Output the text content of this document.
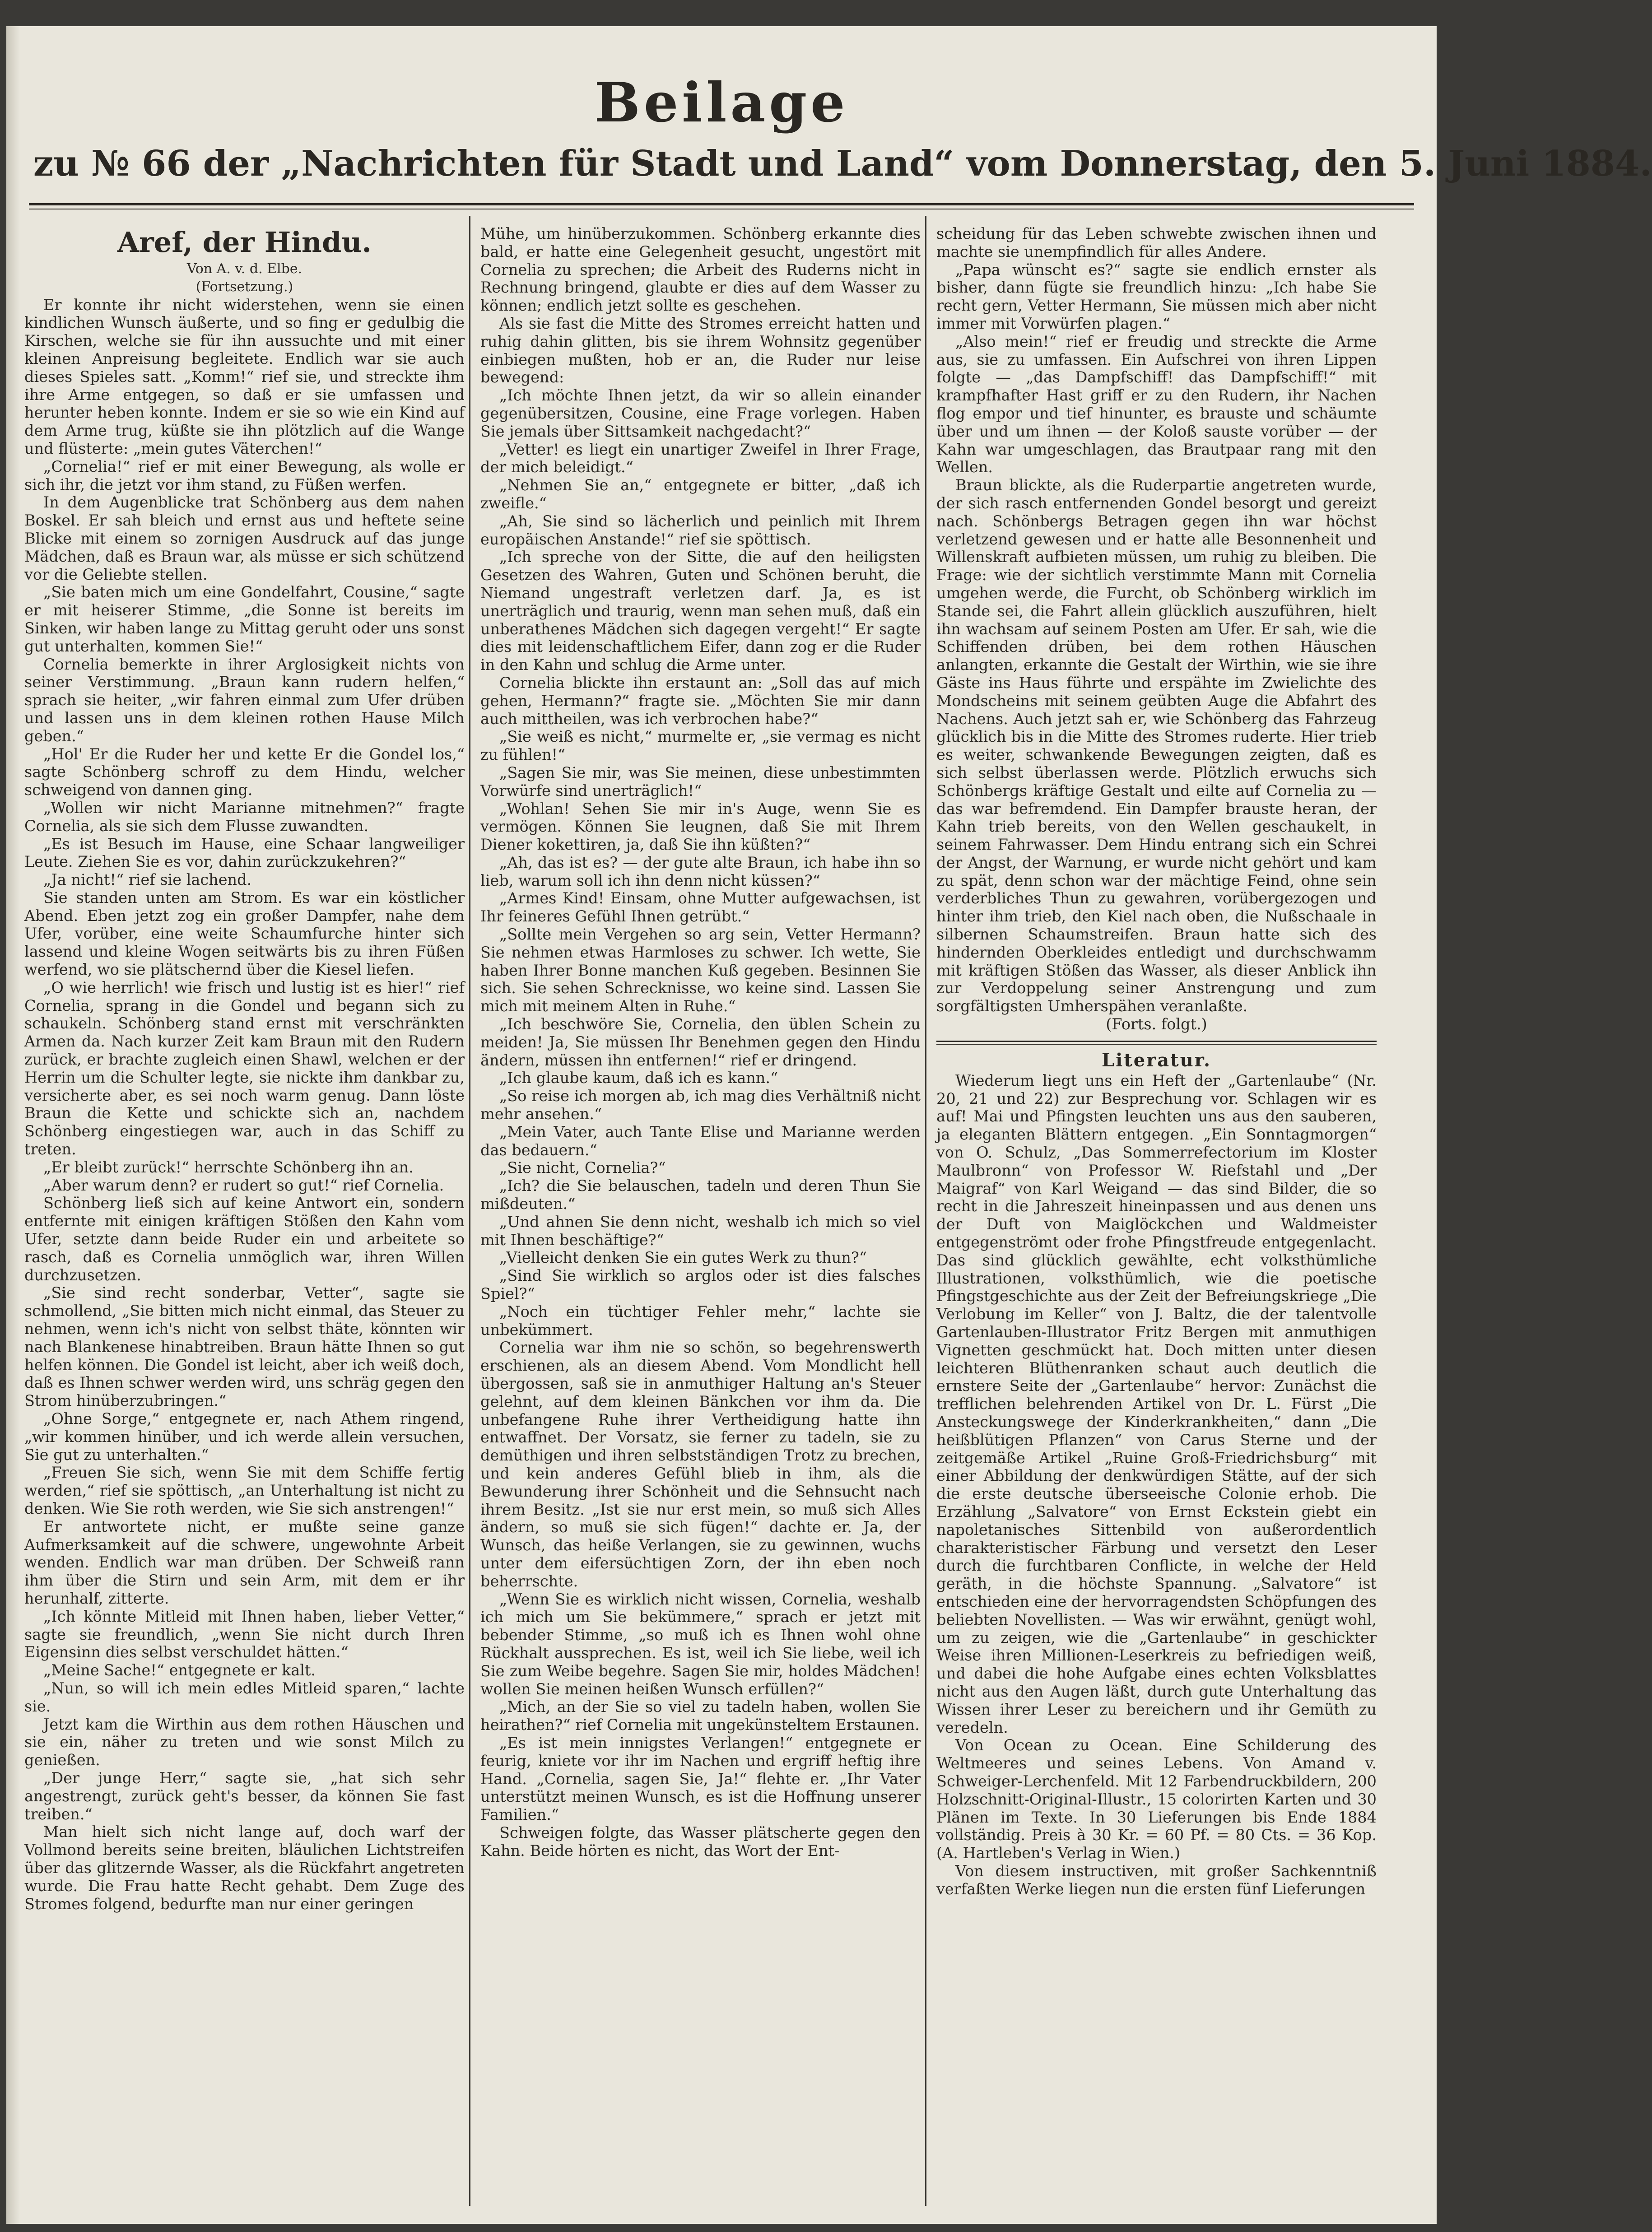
Beilage
zu № 66 der „Nachrichten für Stadt und Land“ vom Donnerstag, den 5. Juni 1884.

Aref, der Hindu.

Von A. v. d. Elbe.

(Fortsetzung.)

Er konnte ihr nicht widerstehen, wenn sie einen kindlichen Wunsch äußerte, und so fing er gedulbig die Kirschen, welche sie für ihn aussuchte und mit einer kleinen Anpreisung begleitete. Endlich war sie auch dieses Spieles satt. „Komm!“ rief sie, und streckte ihm ihre Arme entgegen, so daß er sie umfassen und herunter heben konnte. Indem er sie so wie ein Kind auf dem Arme trug, küßte sie ihn plötzlich auf die Wange und flüsterte: „mein gutes Väterchen!“

„Cornelia!“ rief er mit einer Bewegung, als wolle er sich ihr, die jetzt vor ihm stand, zu Füßen werfen.

In dem Augenblicke trat Schönberg aus dem nahen Boskel. Er sah bleich und ernst aus und heftete seine Blicke mit einem so zornigen Ausdruck auf das junge Mädchen, daß es Braun war, als müsse er sich schützend vor die Geliebte stellen.

„Sie baten mich um eine Gondelfahrt, Cousine,“ sagte er mit heiserer Stimme, „die Sonne ist bereits im Sinken, wir haben lange zu Mittag geruht oder uns sonst gut unterhalten, kommen Sie!“

Cornelia bemerkte in ihrer Arglosigkeit nichts von seiner Verstimmung. „Braun kann rudern helfen,“ sprach sie heiter, „wir fahren einmal zum Ufer drüben und lassen uns in dem kleinen rothen Hause Milch geben.“

„Hol' Er die Ruder her und kette Er die Gondel los,“ sagte Schönberg schroff zu dem Hindu, welcher schweigend von dannen ging.

„Wollen wir nicht Marianne mitnehmen?“ fragte Cornelia, als sie sich dem Flusse zuwandten.

„Es ist Besuch im Hause, eine Schaar langweiliger Leute. Ziehen Sie es vor, dahin zurückzukehren?“

„Ja nicht!“ rief sie lachend.

Sie standen unten am Strom. Es war ein köstlicher Abend. Eben jetzt zog ein großer Dampfer, nahe dem Ufer, vorüber, eine weite Schaumfurche hinter sich lassend und kleine Wogen seitwärts bis zu ihren Füßen werfend, wo sie plätschernd über die Kiesel liefen.

„O wie herrlich! wie frisch und lustig ist es hier!“ rief Cornelia, sprang in die Gondel und begann sich zu schaukeln. Schönberg stand ernst mit verschränkten Armen da. Nach kurzer Zeit kam Braun mit den Rudern zurück, er brachte zugleich einen Shawl, welchen er der Herrin um die Schulter legte, sie nickte ihm dankbar zu, versicherte aber, es sei noch warm genug. Dann löste Braun die Kette und schickte sich an, nachdem Schönberg eingestiegen war, auch in das Schiff zu treten.

„Er bleibt zurück!“ herrschte Schönberg ihn an.

„Aber warum denn? er rudert so gut!“ rief Cornelia.

Schönberg ließ sich auf keine Antwort ein, sondern entfernte mit einigen kräftigen Stößen den Kahn vom Ufer, setzte dann beide Ruder ein und arbeitete so rasch, daß es Cornelia unmöglich war, ihren Willen durchzusetzen.

„Sie sind recht sonderbar, Vetter“, sagte sie schmollend, „Sie bitten mich nicht einmal, das Steuer zu nehmen, wenn ich's nicht von selbst thäte, könnten wir nach Blankenese hinabtreiben. Braun hätte Ihnen so gut helfen können. Die Gondel ist leicht, aber ich weiß doch, daß es Ihnen schwer werden wird, uns schräg gegen den Strom hinüberzubringen.“

„Ohne Sorge,“ entgegnete er, nach Athem ringend, „wir kommen hinüber, und ich werde allein versuchen, Sie gut zu unterhalten.“

„Freuen Sie sich, wenn Sie mit dem Schiffe fertig werden,“ rief sie spöttisch, „an Unterhaltung ist nicht zu denken. Wie Sie roth werden, wie Sie sich anstrengen!“

Er antwortete nicht, er mußte seine ganze Aufmerksamkeit auf die schwere, ungewohnte Arbeit wenden. Endlich war man drüben. Der Schweiß rann ihm über die Stirn und sein Arm, mit dem er ihr herunhalf, zitterte.

„Ich könnte Mitleid mit Ihnen haben, lieber Vetter,“ sagte sie freundlich, „wenn Sie nicht durch Ihren Eigensinn dies selbst verschuldet hätten.“

„Meine Sache!“ entgegnete er kalt.

„Nun, so will ich mein edles Mitleid sparen,“ lachte sie.

Jetzt kam die Wirthin aus dem rothen Häuschen und sie ein, näher zu treten und wie sonst Milch zu genießen.

„Der junge Herr,“ sagte sie, „hat sich sehr angestrengt, zurück geht's besser, da können Sie fast treiben.“

Man hielt sich nicht lange auf, doch warf der Vollmond bereits seine breiten, bläulichen Lichtstreifen über das glitzernde Wasser, als die Rückfahrt angetreten wurde. Die Frau hatte Recht gehabt. Dem Zuge des Stromes folgend, bedurfte man nur einer geringen

Mühe, um hinüberzukommen. Schönberg erkannte dies bald, er hatte eine Gelegenheit gesucht, ungestört mit Cornelia zu sprechen; die Arbeit des Ruderns nicht in Rechnung bringend, glaubte er dies auf dem Wasser zu können; endlich jetzt sollte es geschehen.

Als sie fast die Mitte des Stromes erreicht hatten und ruhig dahin glitten, bis sie ihrem Wohnsitz gegenüber einbiegen mußten, hob er an, die Ruder nur leise bewegend:

„Ich möchte Ihnen jetzt, da wir so allein einander gegenübersitzen, Cousine, eine Frage vorlegen. Haben Sie jemals über Sittsamkeit nachgedacht?“

„Vetter! es liegt ein unartiger Zweifel in Ihrer Frage, der mich beleidigt.“

„Nehmen Sie an,“ entgegnete er bitter, „daß ich zweifle.“

„Ah, Sie sind so lächerlich und peinlich mit Ihrem europäischen Anstande!“ rief sie spöttisch.

„Ich spreche von der Sitte, die auf den heiligsten Gesetzen des Wahren, Guten und Schönen beruht, die Niemand ungestraft verletzen darf. Ja, es ist unerträglich und traurig, wenn man sehen muß, daß ein unberathenes Mädchen sich dagegen vergeht!“ Er sagte dies mit leidenschaftlichem Eifer, dann zog er die Ruder in den Kahn und schlug die Arme unter.

Cornelia blickte ihn erstaunt an: „Soll das auf mich gehen, Hermann?“ fragte sie. „Möchten Sie mir dann auch mittheilen, was ich verbrochen habe?“

„Sie weiß es nicht,“ murmelte er, „sie vermag es nicht zu fühlen!“

„Sagen Sie mir, was Sie meinen, diese unbestimmten Vorwürfe sind unerträglich!“

„Wohlan! Sehen Sie mir in's Auge, wenn Sie es vermögen. Können Sie leugnen, daß Sie mit Ihrem Diener kokettiren, ja, daß Sie ihn küßten?“

„Ah, das ist es? — der gute alte Braun, ich habe ihn so lieb, warum soll ich ihn denn nicht küssen?“

„Armes Kind! Einsam, ohne Mutter aufgewachsen, ist Ihr feineres Gefühl Ihnen getrübt.“

„Sollte mein Vergehen so arg sein, Vetter Hermann? Sie nehmen etwas Harmloses zu schwer. Ich wette, Sie haben Ihrer Bonne manchen Kuß gegeben. Besinnen Sie sich. Sie sehen Schrecknisse, wo keine sind. Lassen Sie mich mit meinem Alten in Ruhe.“

„Ich beschwöre Sie, Cornelia, den üblen Schein zu meiden! Ja, Sie müssen Ihr Benehmen gegen den Hindu ändern, müssen ihn entfernen!“ rief er dringend.

„Ich glaube kaum, daß ich es kann.“

„So reise ich morgen ab, ich mag dies Verhältniß nicht mehr ansehen.“

„Mein Vater, auch Tante Elise und Marianne werden das bedauern.“

„Sie nicht, Cornelia?“

„Ich? die Sie belauschen, tadeln und deren Thun Sie mißdeuten.“

„Und ahnen Sie denn nicht, weshalb ich mich so viel mit Ihnen beschäftige?“

„Vielleicht denken Sie ein gutes Werk zu thun?“

„Sind Sie wirklich so arglos oder ist dies falsches Spiel?“

„Noch ein tüchtiger Fehler mehr,“ lachte sie unbekümmert.

Cornelia war ihm nie so schön, so begehrenswerth erschienen, als an diesem Abend. Vom Mondlicht hell übergossen, saß sie in anmuthiger Haltung an's Steuer gelehnt, auf dem kleinen Bänkchen vor ihm da. Die unbefangene Ruhe ihrer Vertheidigung hatte ihn entwaffnet. Der Vorsatz, sie ferner zu tadeln, sie zu demüthigen und ihren selbstständigen Trotz zu brechen, und kein anderes Gefühl blieb in ihm, als die Bewunderung ihrer Schönheit und die Sehnsucht nach ihrem Besitz. „Ist sie nur erst mein, so muß sich Alles ändern, so muß sie sich fügen!“ dachte er. Ja, der Wunsch, das heiße Verlangen, sie zu gewinnen, wuchs unter dem eifersüchtigen Zorn, der ihn eben noch beherrschte.

„Wenn Sie es wirklich nicht wissen, Cornelia, weshalb ich mich um Sie bekümmere,“ sprach er jetzt mit bebender Stimme, „so muß ich es Ihnen wohl ohne Rückhalt aussprechen. Es ist, weil ich Sie liebe, weil ich Sie zum Weibe begehre. Sagen Sie mir, holdes Mädchen! wollen Sie meinen heißen Wunsch erfüllen?“

„Mich, an der Sie so viel zu tadeln haben, wollen Sie heirathen?“ rief Cornelia mit ungekünsteltem Erstaunen.

„Es ist mein innigstes Verlangen!“ entgegnete er feurig, kniete vor ihr im Nachen und ergriff heftig ihre Hand. „Cornelia, sagen Sie, Ja!“ flehte er. „Ihr Vater unterstützt meinen Wunsch, es ist die Hoffnung unserer Familien.“

Schweigen folgte, das Wasser plätscherte gegen den Kahn. Beide hörten es nicht, das Wort der Ent-

scheidung für das Leben schwebte zwischen ihnen und machte sie unempfindlich für alles Andere.

„Papa wünscht es?“ sagte sie endlich ernster als bisher, dann fügte sie freundlich hinzu: „Ich habe Sie recht gern, Vetter Hermann, Sie müssen mich aber nicht immer mit Vorwürfen plagen.“

„Also mein!“ rief er freudig und streckte die Arme aus, sie zu umfassen. Ein Aufschrei von ihren Lippen folgte — „das Dampfschiff! das Dampfschiff!“ mit krampfhafter Hast griff er zu den Rudern, ihr Nachen flog empor und tief hinunter, es brauste und schäumte über und um ihnen — der Koloß sauste vorüber — der Kahn war umgeschlagen, das Brautpaar rang mit den Wellen.

Braun blickte, als die Ruderpartie angetreten wurde, der sich rasch entfernenden Gondel besorgt und gereizt nach. Schönbergs Betragen gegen ihn war höchst verletzend gewesen und er hatte alle Besonnenheit und Willenskraft aufbieten müssen, um ruhig zu bleiben. Die Frage: wie der sichtlich verstimmte Mann mit Cornelia umgehen werde, die Furcht, ob Schönberg wirklich im Stande sei, die Fahrt allein glücklich auszuführen, hielt ihn wachsam auf seinem Posten am Ufer. Er sah, wie die Schiffenden drüben, bei dem rothen Häuschen anlangten, erkannte die Gestalt der Wirthin, wie sie ihre Gäste ins Haus führte und erspähte im Zwielichte des Mondscheins mit seinem geübten Auge die Abfahrt des Nachens. Auch jetzt sah er, wie Schönberg das Fahrzeug glücklich bis in die Mitte des Stromes ruderte. Hier trieb es weiter, schwankende Bewegungen zeigten, daß es sich selbst überlassen werde. Plötzlich erwuchs sich Schönbergs kräftige Gestalt und eilte auf Cornelia zu — das war befremdend. Ein Dampfer brauste heran, der Kahn trieb bereits, von den Wellen geschaukelt, in seinem Fahrwasser. Dem Hindu entrang sich ein Schrei der Angst, der Warnung, er wurde nicht gehört und kam zu spät, denn schon war der mächtige Feind, ohne sein verderbliches Thun zu gewahren, vorübergezogen und hinter ihm trieb, den Kiel nach oben, die Nußschaale in silbernen Schaumstreifen. Braun hatte sich des hindernden Oberkleides entledigt und durchschwamm mit kräftigen Stößen das Wasser, als dieser Anblick ihn zur Verdoppelung seiner Anstrengung und zum sorgfältigsten Umherspähen veranlaßte.

(Forts. folgt.)

Literatur.

Wiederum liegt uns ein Heft der „Gartenlaube“ (Nr. 20, 21 und 22) zur Besprechung vor. Schlagen wir es auf! Mai und Pfingsten leuchten uns aus den sauberen, ja eleganten Blättern entgegen. „Ein Sonntagmorgen“ von O. Schulz, „Das Sommerrefectorium im Kloster Maulbronn“ von Professor W. Riefstahl und „Der Maigraf“ von Karl Weigand — das sind Bilder, die so recht in die Jahreszeit hineinpassen und aus denen uns der Duft von Maiglöckchen und Waldmeister entgegenströmt oder frohe Pfingstfreude entgegenlacht. Das sind glücklich gewählte, echt volksthümliche Illustrationen, volksthümlich, wie die poetische Pfingstgeschichte aus der Zeit der Befreiungskriege „Die Verlobung im Keller“ von J. Baltz, die der talentvolle Gartenlauben-Illustrator Fritz Bergen mit anmuthigen Vignetten geschmückt hat. Doch mitten unter diesen leichteren Blüthenranken schaut auch deutlich die ernstere Seite der „Gartenlaube“ hervor: Zunächst die trefflichen belehrenden Artikel von Dr. L. Fürst „Die Ansteckungswege der Kinderkrankheiten,“ dann „Die heißblütigen Pflanzen“ von Carus Sterne und der zeitgemäße Artikel „Ruine Groß-Friedrichsburg“ mit einer Abbildung der denkwürdigen Stätte, auf der sich die erste deutsche überseeische Colonie erhob. Die Erzählung „Salvatore“ von Ernst Eckstein giebt ein napoletanisches Sittenbild von außerordentlich charakteristischer Färbung und versetzt den Leser durch die furchtbaren Conflicte, in welche der Held geräth, in die höchste Spannung. „Salvatore“ ist entschieden eine der hervorragendsten Schöpfungen des beliebten Novellisten. — Was wir erwähnt, genügt wohl, um zu zeigen, wie die „Gartenlaube“ in geschickter Weise ihren Millionen-Leserkreis zu befriedigen weiß, und dabei die hohe Aufgabe eines echten Volksblattes nicht aus den Augen läßt, durch gute Unterhaltung das Wissen ihrer Leser zu bereichern und ihr Gemüth zu veredeln.

Von Ocean zu Ocean. Eine Schilderung des Weltmeeres und seines Lebens. Von Amand v. Schweiger-Lerchenfeld. Mit 12 Farbendruckbildern, 200 Holzschnitt-Original-Illustr., 15 colorirten Karten und 30 Plänen im Texte. In 30 Lieferungen bis Ende 1884 vollständig. Preis à 30 Kr. = 60 Pf. = 80 Cts. = 36 Kop. (A. Hartleben's Verlag in Wien.)

Von diesem instructiven, mit großer Sachkenntniß verfaßten Werke liegen nun die ersten fünf Lieferungen
